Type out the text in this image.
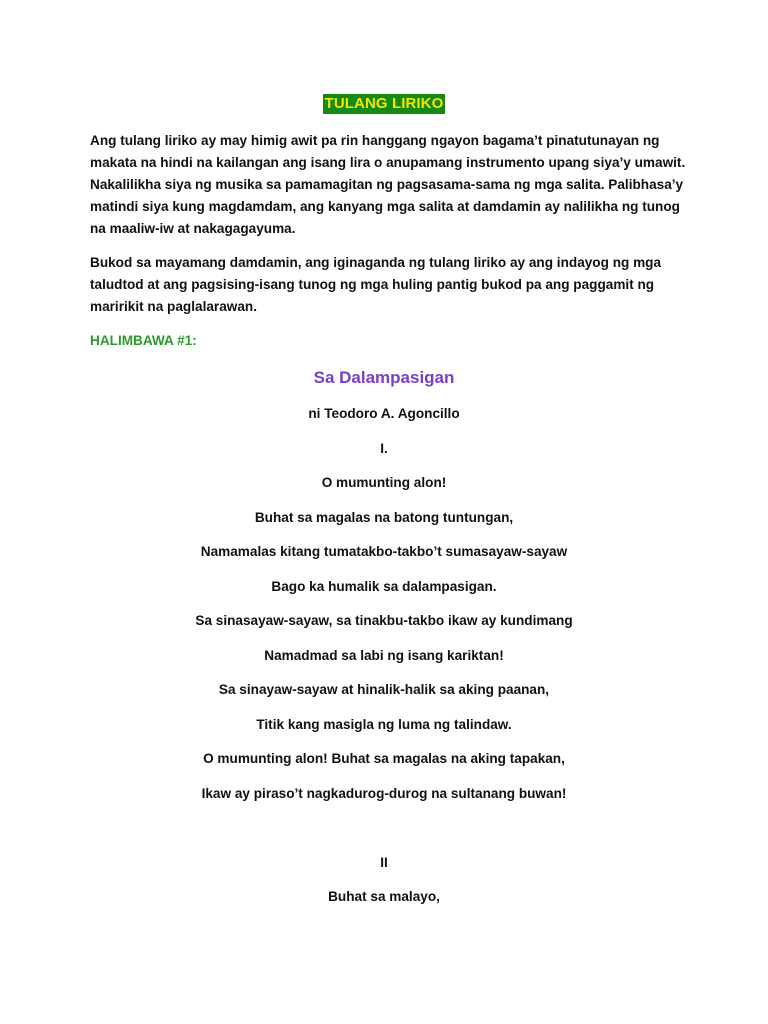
TULANG LIRIKO

Ang tulang liriko ay may himig awit pa rin hanggang ngayon bagama’t pinatutunayan ng makata na hindi na kailangan ang isang lira o anupamang instrumento upang siya’y umawit. Nakalilikha siya ng musika sa pamamagitan ng pagsasama-sama ng mga salita. Palibhasa’y matindi siya kung magdamdam, ang kanyang mga salita at damdamin ay nalilikha ng tunog na maaliw-iw at nakagagayuma.

Bukod sa mayamang damdamin, ang iginaganda ng tulang liriko ay ang indayog ng mga taludtod at ang pagsising-isang tunog ng mga huling pantig bukod pa ang paggamit ng maririkit na paglalarawan.

HALIMBAWA #1:

Sa Dalampasigan

ni Teodoro A. Agoncillo

I.

O mumunting alon!

Buhat sa magalas na batong tuntungan,

Namamalas kitang tumatakbo-takbo’t sumasayaw-sayaw

Bago ka humalik sa dalampasigan.

Sa sinasayaw-sayaw, sa tinakbu-takbo ikaw ay kundimang

Namadmad sa labi ng isang kariktan!

Sa sinayaw-sayaw at hinalik-halik sa aking paanan,

Titik kang masigla ng luma ng talindaw.

O mumunting alon! Buhat sa magalas na aking tapakan,

Ikaw ay piraso’t nagkadurog-durog na sultanang buwan!

II

Buhat sa malayo,
